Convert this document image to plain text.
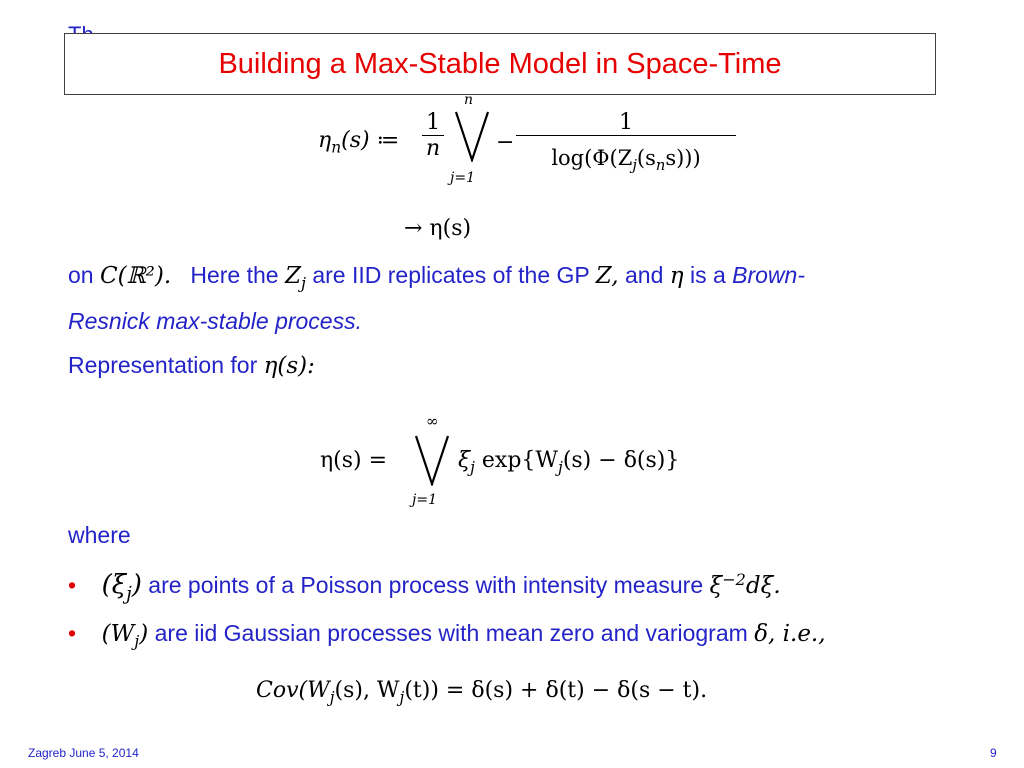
Building a Max-Stable Model in Space-Time
$\eta_n(s)$ ≔ $\frac{1}{n}$
n
j=1
−
1
$\log(\Phi(Z_j(s_ns)))$
→ η(s)
on C(ℝ²). Here the $Z_j$ are IID replicates of the GP Z, and η is a Brown-
Resnick max-stable process.
Representation for η(s):
η(s) =
∞
j=1
$\xi_j$ $\exp\{W_j(s) - \delta(s)\}$
where
• $(\xi_j)$ are points of a Poisson process with intensity measure $\xi^{-2}d\xi$.
• $(W_j)$ are iid Gaussian processes with mean zero and variogram δ, i.e.,
$Cov(W_j(s)$, $W_j(t)) = \delta(s) + \delta(t) - \delta(s - t)$.
Zagreb June 5, 2014	9
